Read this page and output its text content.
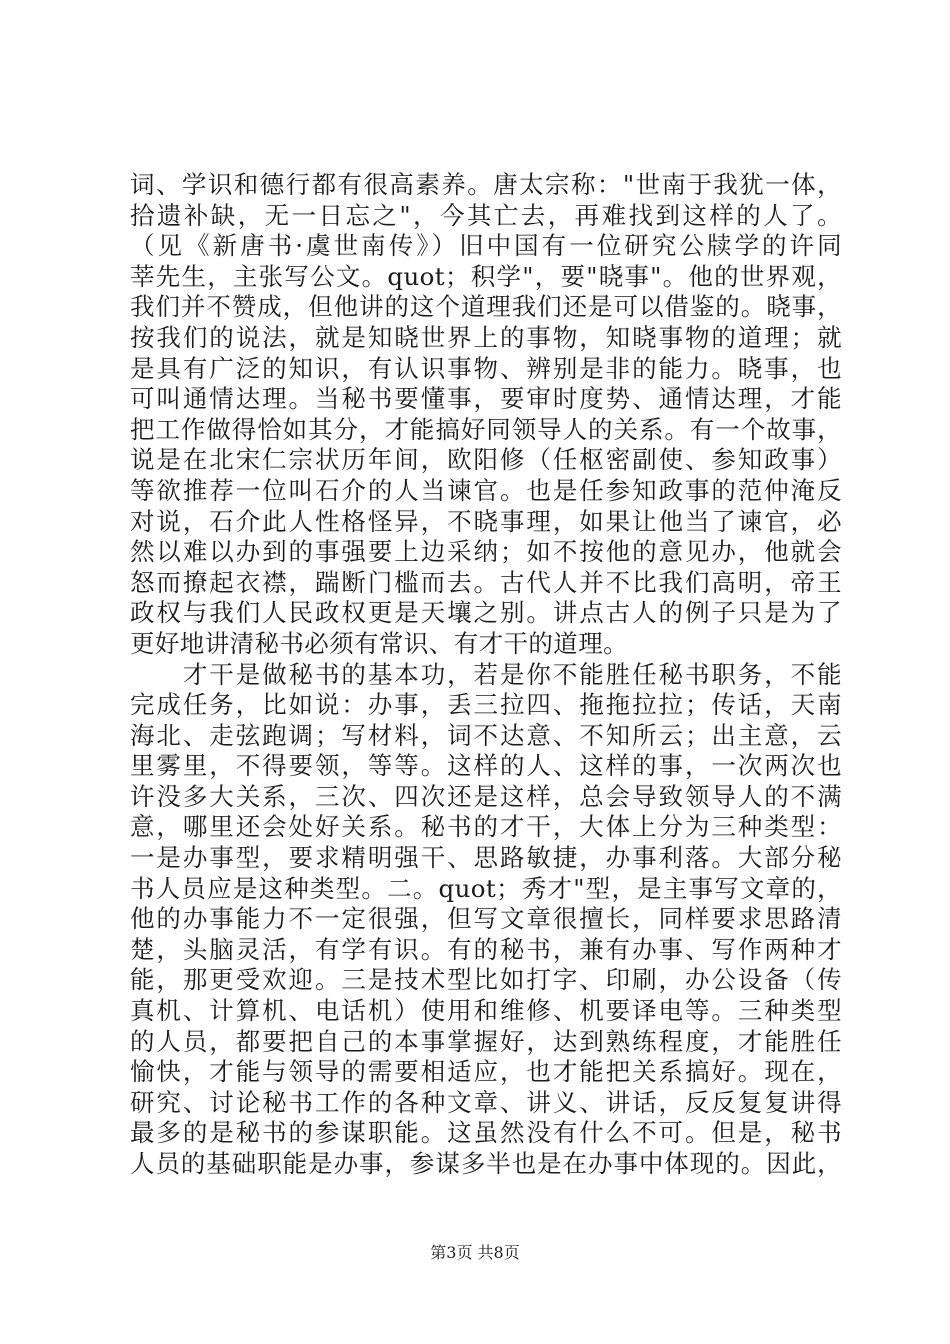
词、学识和德行都有很高素养。唐太宗称："世南于我犹一体，
拾遗补缺，无一日忘之"，今其亡去，再难找到这样的人了。
（见《新唐书·虞世南传》）旧中国有一位研究公牍学的许同
莘先生，主张写公文。quot；积学"，要"晓事"。他的世界观，
我们并不赞成，但他讲的这个道理我们还是可以借鉴的。晓事，
按我们的说法，就是知晓世界上的事物，知晓事物的道理；就
是具有广泛的知识，有认识事物、辨别是非的能力。晓事，也
可叫通情达理。当秘书要懂事，要审时度势、通情达理，才能
把工作做得恰如其分，才能搞好同领导人的关系。有一个故事，
说是在北宋仁宗状历年间，欧阳修（任枢密副使、参知政事）
等欲推荐一位叫石介的人当谏官。也是任参知政事的范仲淹反
对说，石介此人性格怪异，不晓事理，如果让他当了谏官，必
然以难以办到的事强要上边采纳；如不按他的意见办，他就会
怒而撩起衣襟，踹断门槛而去。古代人并不比我们高明，帝王
政权与我们人民政权更是天壤之别。讲点古人的例子只是为了
更好地讲清秘书必须有常识、有才干的道理。
　　才干是做秘书的基本功，若是你不能胜任秘书职务，不能
完成任务，比如说：办事，丢三拉四、拖拖拉拉；传话，天南
海北、走弦跑调；写材料，词不达意、不知所云；出主意，云
里雾里，不得要领，等等。这样的人、这样的事，一次两次也
许没多大关系，三次、四次还是这样，总会导致领导人的不满
意，哪里还会处好关系。秘书的才干，大体上分为三种类型：
一是办事型，要求精明强干、思路敏捷，办事利落。大部分秘
书人员应是这种类型。二。quot；秀才"型，是主事写文章的，
他的办事能力不一定很强，但写文章很擅长，同样要求思路清
楚，头脑灵活，有学有识。有的秘书，兼有办事、写作两种才
能，那更受欢迎。三是技术型比如打字、印刷，办公设备（传
真机、计算机、电话机）使用和维修、机要译电等。三种类型
的人员，都要把自己的本事掌握好，达到熟练程度，才能胜任
愉快，才能与领导的需要相适应，也才能把关系搞好。现在，
研究、讨论秘书工作的各种文章、讲义、讲话，反反复复讲得
最多的是秘书的参谋职能。这虽然没有什么不可。但是，秘书
人员的基础职能是办事，参谋多半也是在办事中体现的。因此，
第3页 共8页
